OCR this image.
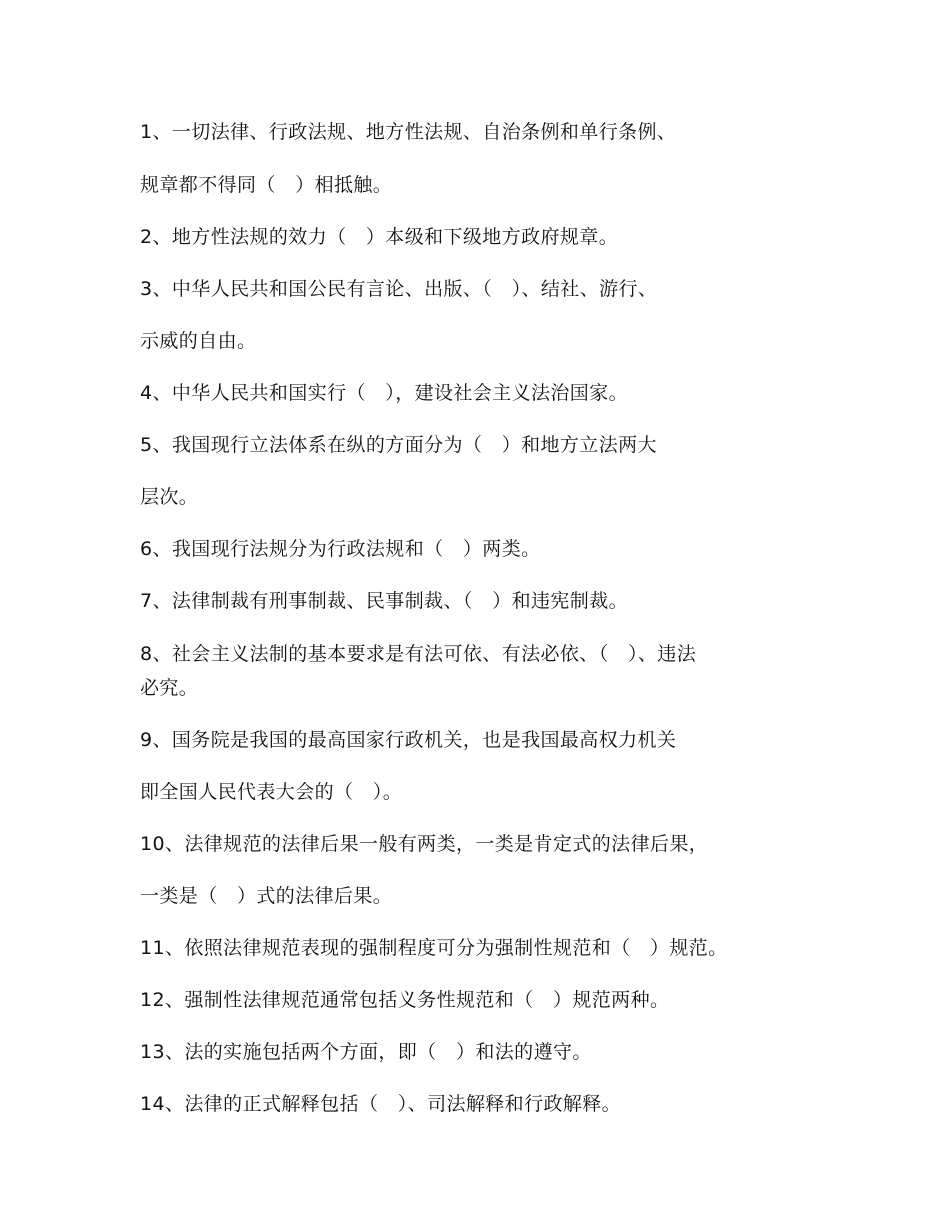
1、一切法律、行政法规、地方性法规、自治条例和单行条例、
规章都不得同（　）相抵触。
2、地方性法规的效力（　）本级和下级地方政府规章。
3、中华人民共和国公民有言论、出版、（　）、结社、游行、
示威的自由。
4、中华人民共和国实行（　），建设社会主义法治国家。
5、我国现行立法体系在纵的方面分为（　）和地方立法两大
层次。
6、我国现行法规分为行政法规和（　）两类。
7、法律制裁有刑事制裁、民事制裁、（　）和违宪制裁。
8、社会主义法制的基本要求是有法可依、有法必依、（　）、违法
必究。
9、国务院是我国的最高国家行政机关，也是我国最高权力机关
即全国人民代表大会的（　）。
10、法律规范的法律后果一般有两类，一类是肯定式的法律后果，
一类是（　）式的法律后果。
11、依照法律规范表现的强制程度可分为强制性规范和（　）规范。
12、强制性法律规范通常包括义务性规范和（　）规范两种。
13、法的实施包括两个方面，即（　）和法的遵守。
14、法律的正式解释包括（　）、司法解释和行政解释。
